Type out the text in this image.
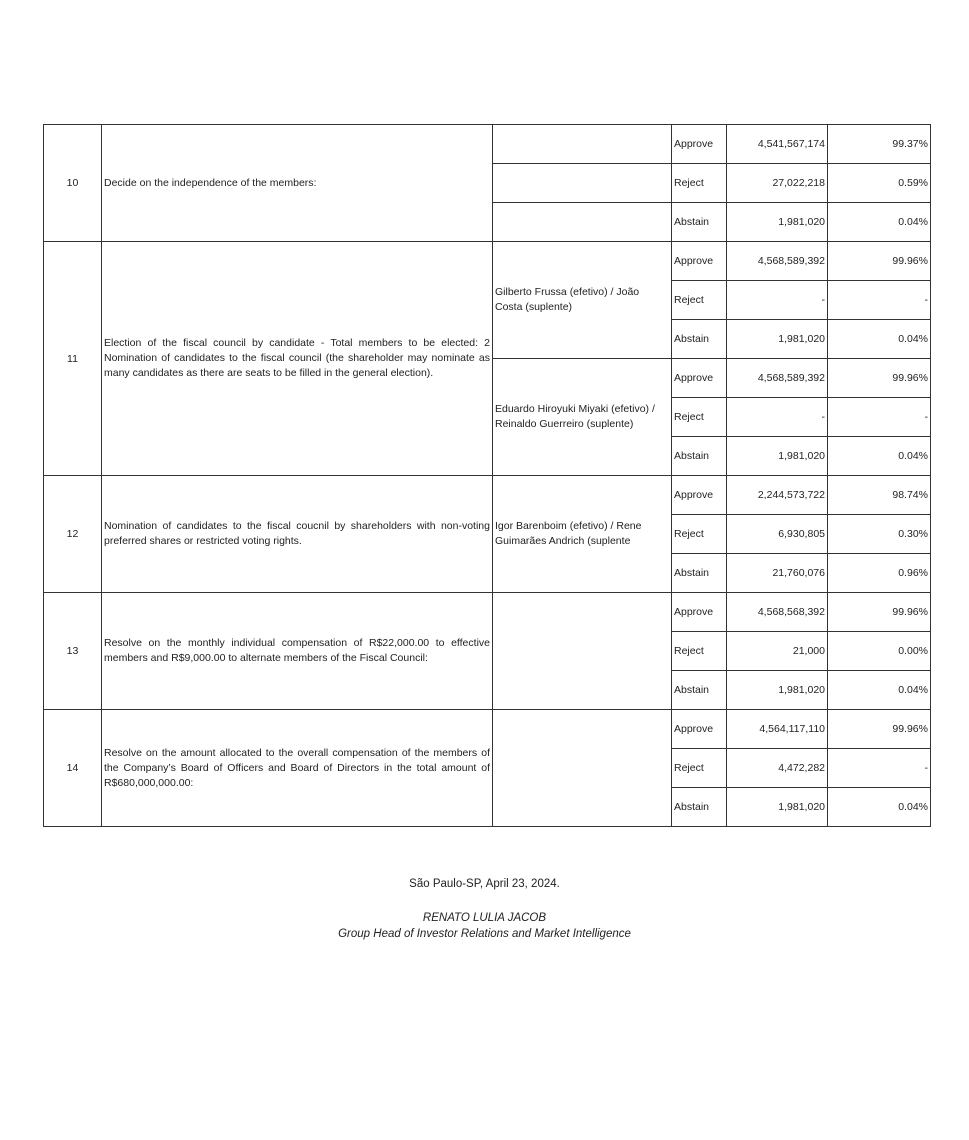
10	Decide on the independence of the members:		Approve	4,541,567,174	99.37%
			Reject	27,022,218	0.59%
			Abstain	1,981,020	0.04%
11	Election of the fiscal council by candidate - Total members to be elected: 2 Nomination of candidates to the fiscal council (the shareholder may nominate as many candidates as there are seats to be filled in the general election).	Gilberto Frussa (efetivo) / João Costa (suplente)	Approve	4,568,589,392	99.96%
			Reject	-	-
			Abstain	1,981,020	0.04%
		Eduardo Hiroyuki Miyaki (efetivo) / Reinaldo Guerreiro (suplente)	Approve	4,568,589,392	99.96%
			Reject	-	-
			Abstain	1,981,020	0.04%
12	Nomination of candidates to the fiscal coucnil by shareholders with non-voting preferred shares or restricted voting rights.	Igor Barenboim (efetivo) / Rene Guimarães Andrich (suplente	Approve	2,244,573,722	98.74%
			Reject	6,930,805	0.30%
			Abstain	21,760,076	0.96%
13	Resolve on the monthly individual compensation of R$22,000.00 to effective members and R$9,000.00 to alternate members of the Fiscal Council:		Approve	4,568,568,392	99.96%
			Reject	21,000	0.00%
			Abstain	1,981,020	0.04%
14	Resolve on the amount allocated to the overall compensation of the members of the Company’s Board of Officers and Board of Directors in the total amount of R$680,000,000.00:		Approve	4,564,117,110	99.96%
			Reject	4,472,282	-
			Abstain	1,981,020	0.04%
São Paulo-SP, April 23, 2024.
RENATO LULIA JACOB
Group Head of Investor Relations and Market Intelligence
